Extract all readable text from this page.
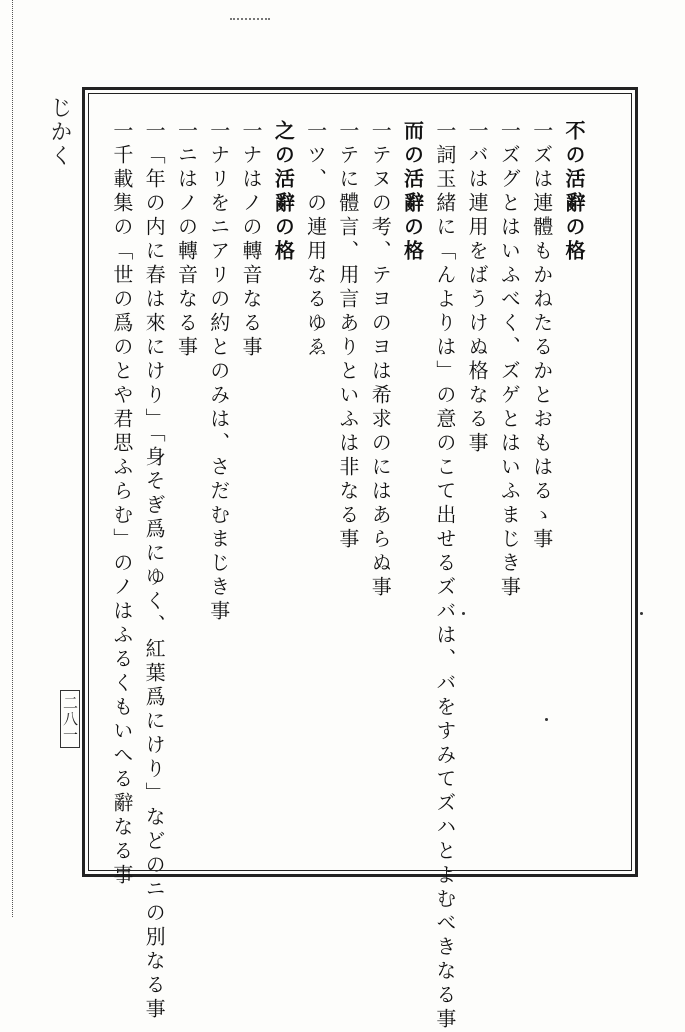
じかく
二八一
不の活辭の格
一ズは連體もかねたるかとおもはるゝ事
一ズグとはいふべく、ズゲとはいふまじき事
一バは連用をばうけぬ格なる事
一詞玉緒に「んよりは」の意のこて出せるズバは、バをすみてズハとよむべきなる事
而の活辭の格
一テヌの考、テヨのヨは希求のにはあらぬ事
一テに體言、用言ありといふは非なる事
一ツ、の連用なるゆゑ
之の活辭の格
一ナはノの轉音なる事
一ナリをニアリの約とのみは、さだむまじき事
一ニはノの轉音なる事
一「年の内に春は來にけり」「身そぎ爲にゆく、紅葉爲にけり」などのニの別なる事
一千載集の「世の爲のとや君思ふらむ」のノはふるくもいへる辭なる事
